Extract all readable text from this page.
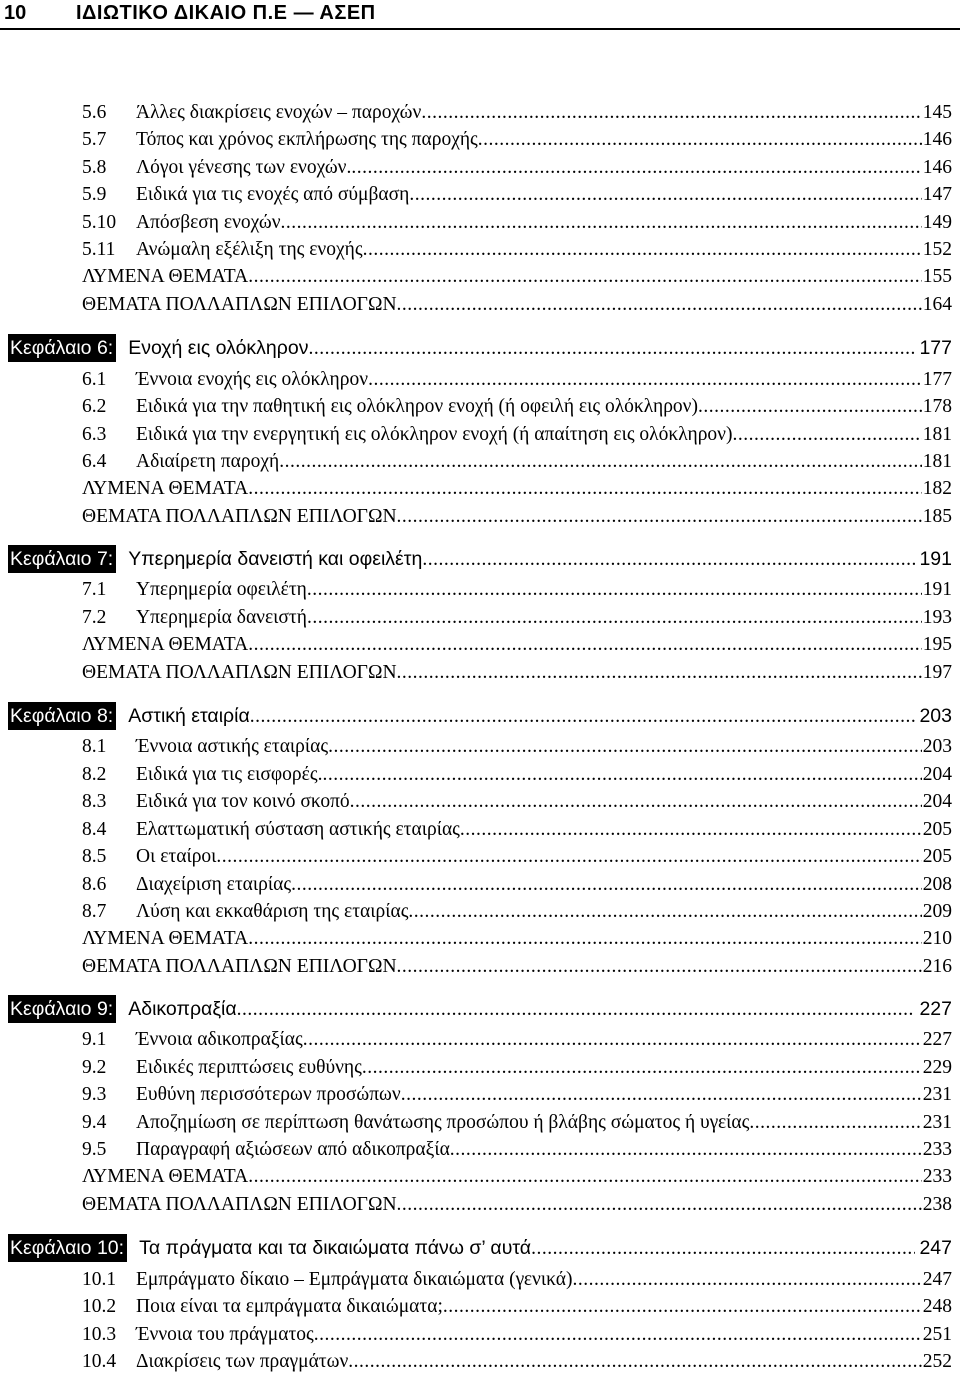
10 ΙΔΙΩΤΙΚΟ ΔΙΚΑΙΟ Π.Ε — ΑΣΕΠ
5.6	Άλλες διακρίσεις ενοχών – παροχών .....	145
5.7	Τόπος και χρόνος εκπλήρωσης της παροχής .....	146
5.8	Λόγοι γένεσης των ενοχών. .....	146
5.9	Ειδικά για τις ενοχές από σύμβαση .....	147
5.10	Απόσβεση ενοχών .....	149
5.11	Ανώμαλη εξέλιξη της ενοχής .....	152
ΛΥΜΕΝΑ ΘΕΜΑΤΑ .....	155
ΘΕΜΑΤΑ ΠΟΛΛΑΠΛΩΝ ΕΠΙΛΟΓΩΝ .....	164
Κεφάλαιο 6: Ενοχή εις ολόκληρον .....	177
6.1	Έννοια ενοχής εις ολόκληρον .....	177
6.2	Ειδικά για την παθητική εις ολόκληρον ενοχή (ή οφειλή εις ολόκληρον) .....	178
6.3	Ειδικά για την ενεργητική εις ολόκληρον ενοχή (ή απαίτηση εις ολόκληρον) .....	181
6.4	Αδιαίρετη παροχή .....	181
ΛΥΜΕΝΑ ΘΕΜΑΤΑ .....	182
ΘΕΜΑΤΑ ΠΟΛΛΑΠΛΩΝ ΕΠΙΛΟΓΩΝ .....	185
Κεφάλαιο 7: Υπερημερία δανειστή και οφειλέτη .....	191
7.1	Υπερημερία οφειλέτη .....	191
7.2	Υπερημερία δανειστή .....	193
ΛΥΜΕΝΑ ΘΕΜΑΤΑ .....	195
ΘΕΜΑΤΑ ΠΟΛΛΑΠΛΩΝ ΕΠΙΛΟΓΩΝ .....	197
Κεφάλαιο 8: Αστική εταιρία .....	203
8.1	Έννοια αστικής εταιρίας .....	203
8.2	Ειδικά για τις εισφορές. .....	204
8.3	Ειδικά για τον κοινό σκοπό .....	204
8.4	Ελαττωματική σύσταση αστικής εταιρίας .....	205
8.5	Οι εταίροι .....	205
8.6	Διαχείριση εταιρίας .....	208
8.7	Λύση και εκκαθάριση της εταιρίας .....	209
ΛΥΜΕΝΑ ΘΕΜΑΤΑ .....	210
ΘΕΜΑΤΑ ΠΟΛΛΑΠΛΩΝ ΕΠΙΛΟΓΩΝ .....	216
Κεφάλαιο 9: Αδικοπραξία .....	227
9.1	Έννοια αδικοπραξίας .....	227
9.2	Ειδικές περιπτώσεις ευθύνης .....	229
9.3	Ευθύνη περισσότερων προσώπων .....	231
9.4	Αποζημίωση σε περίπτωση θανάτωσης προσώπου ή βλάβης σώματος ή υγείας .....	231
9.5	Παραγραφή αξιώσεων από αδικοπραξία .....	233
ΛΥΜΕΝΑ ΘΕΜΑΤΑ .....	233
ΘΕΜΑΤΑ ΠΟΛΛΑΠΛΩΝ ΕΠΙΛΟΓΩΝ .....	238
Κεφάλαιο 10: Τα πράγματα και τα δικαιώματα πάνω σ’ αυτά .....	247
10.1	Εμπράγματο δίκαιο – Εμπράγματα δικαιώματα (γενικά) .....	247
10.2	Ποια είναι τα εμπράγματα δικαιώματα; .....	248
10.3	Έννοια του πράγματος .....	251
10.4	Διακρίσεις των πραγμάτων .....	252
